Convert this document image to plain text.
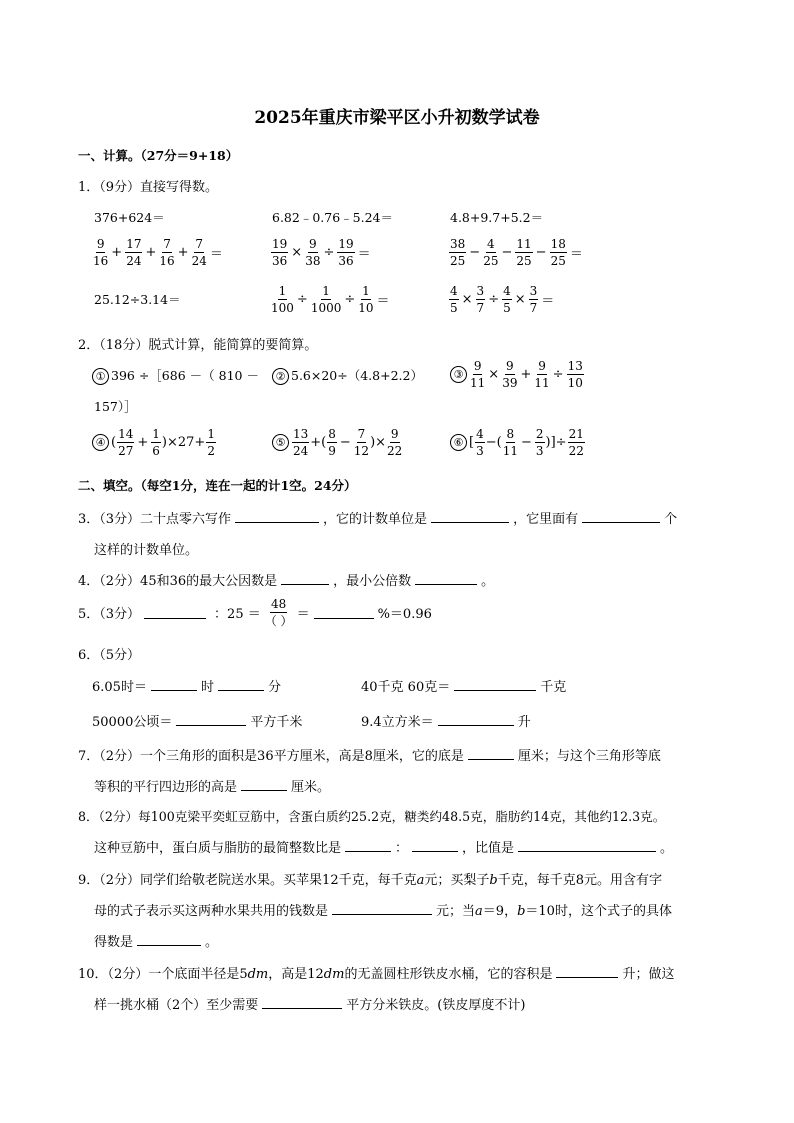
2025年重庆市梁平区小升初数学试卷
一、计算。（27分＝9+18）
1．（9分）直接写得数。
376+624＝	6.82﹣0.76﹣5.24＝	4.8+9.7+5.2＝
$\frac{9}{16} + \frac{17}{24} + \frac{7}{16} + \frac{7}{24}$ ＝	$\frac{19}{36} \times \frac{9}{38} \div \frac{19}{36}$ ＝	$\frac{38}{25} - \frac{4}{25} - \frac{11}{25} - \frac{18}{25}$ ＝
25.12÷3.14＝	$\frac{1}{100} \div \frac{1}{1000} \div \frac{1}{10}$ ＝	$\frac{4}{5} \times \frac{3}{7} \div \frac{4}{5} \times \frac{3}{7}$ ＝
2．（18分）脱式计算，能简算的要简算。
① 396 ÷［686 －（ 810 －
157）］
② 5.6×20÷（4.8+2.2）	③ $\frac{9}{11} \times \frac{9}{39} + \frac{9}{11} \div \frac{13}{10}$
④ ( $\frac{14}{27} + \frac{1}{6} )\times 27+ \frac{1}{2}$	⑤ $\frac{13}{24}$ +( $\frac{8}{9} - \frac{7}{12}$ )× $\frac{9}{22}$	⑥ [ $\frac{4}{3}$ −( $\frac{8}{11} - \frac{2}{3}$ )]÷ $\frac{21}{22}$
二、填空。（每空1分，连在一起的计1空。24分）
3．（3分）二十点零六写作	，它的计数单位是	，它里面有	个
这样的计数单位。
4．（2分）45和36的最大公因数是	，最小公倍数	。
5．（3分）	：$25 = \frac{48}{( )}$ ＝	%＝0.96
6．（5分）
6.05时＝	时	分	40千克 60克＝	千克
50000公顷＝	平方千米	9.4立方米＝	升
7．（2分）一个三角形的面积是36平方厘米，高是8厘米，它的底是	厘米；与这个三角形等底
等积的平行四边形的高是	厘米。
8．（2分）每100克梁平奕虹豆筋中，含蛋白质约25.2克，糖类约48.5克，脂肪约14克，其他约12.3克。
这种豆筋中，蛋白质与脂肪的最简整数比是	：	，比值是	。
9．（2分）同学们给敬老院送水果。买苹果12千克，每千克a元；买梨子b千克，每千克8元。用含有字
母的式子表示买这两种水果共用的钱数是	元；当a＝9，b＝10时，这个式子的具体
得数是	。
10．（2分）一个底面半径是5dm，高是12dm的无盖圆柱形铁皮水桶，它的容积是	升；做这
样一挑水桶（2个）至少需要	平方分米铁皮。(铁皮厚度不计)
